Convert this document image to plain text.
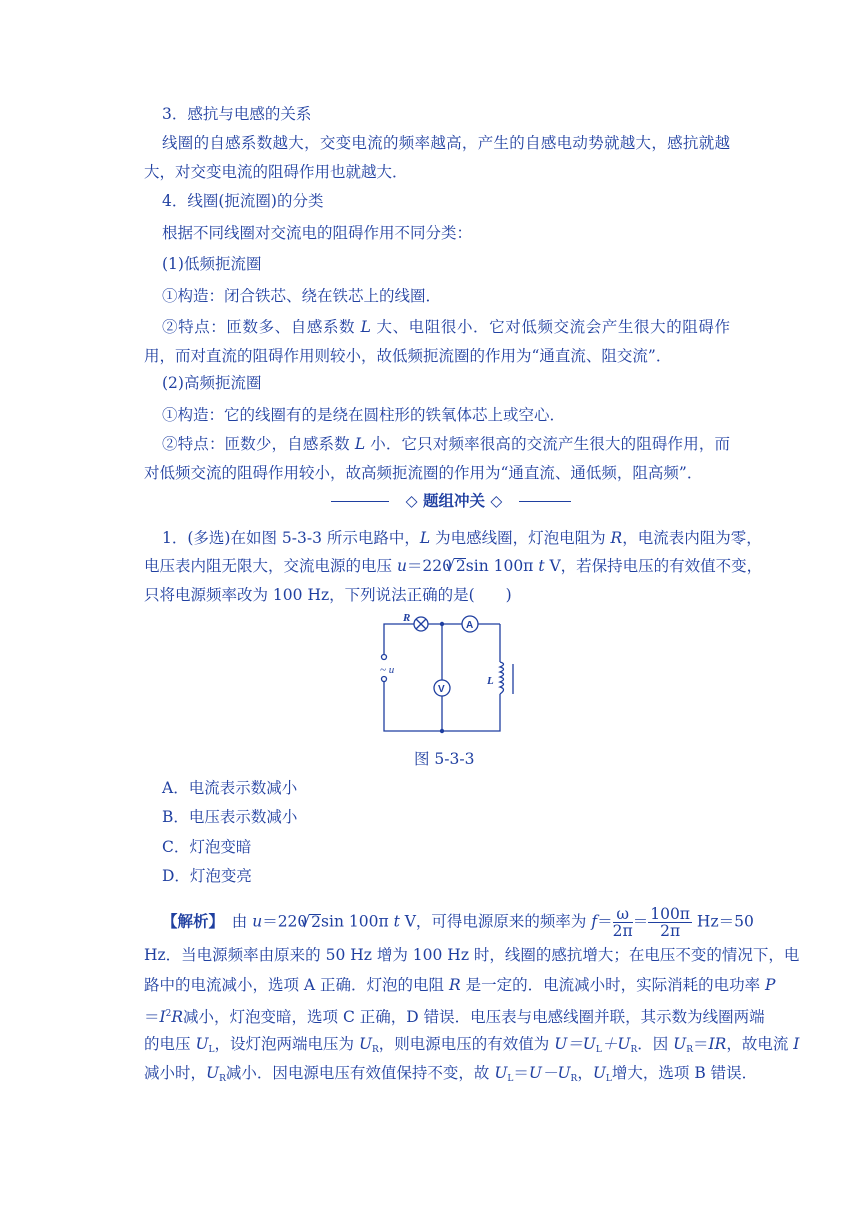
3．感抗与电感的关系
线圈的自感系数越大，交变电流的频率越高，产生的自感电动势就越大，感抗就越大，对交变电流的阻碍作用也就越大．
4．线圈(扼流圈)的分类
根据不同线圈对交流电的阻碍作用不同分类：
(1)低频扼流圈
①构造：闭合铁芯、绕在铁芯上的线圈．
②特点：匝数多、自感系数 L 大、电阻很小．它对低频交流会产生很大的阻碍作用，而对直流的阻碍作用则较小，故低频扼流圈的作用为“通直流、阻交流”．
(2)高频扼流圈
①构造：它的线圈有的是绕在圆柱形的铁氧体芯上或空心．
②特点：匝数少，自感系数 L 小．它只对频率很高的交流产生很大的阻碍作用，而对低频交流的阻碍作用较小，故高频扼流圈的作用为“通直流、通低频，阻高频”．
◇ 题组冲关 ◇
1．(多选)在如图 5-3-3 所示电路中，L 为电感线圈，灯泡电阻为 R，电流表内阻为零，
电压表内阻无限大，交流电源的电压 u＝220 √ 2sin 100π t V，若保持电压的有效值不变，
只将电源频率改为 100 Hz，下列说法正确的是(　　)
R
A
V
~ u
L
图 5-3-3
A．电流表示数减小
B．电压表示数减小
C．灯泡变暗
D．灯泡变亮
【解析】　由 u＝220 √ 2sin 100π t V，可得电源原来的频率为 $f= \frac{\omega}{2\pi} = \frac{100\pi}{2\pi} Hz=50$
Hz．当电源频率由原来的 50 Hz 增为 100 Hz 时，线圈的感抗增大；在电压不变的情况下，电
路中的电流减小，选项 A 正确．灯泡的电阻 R 是一定的．电流减小时，实际消耗的电功率 P
$=I^2R$减小，灯泡变暗，选项 C 正确，D 错误．电压表与电感线圈并联，其示数为线圈两端
的电压 $U_L$，设灯泡两端电压为 $U_R$，则电源电压的有效值为 $U=U_L+U_R$．因 $U_R=IR$，故电流 I
减小时，$U_R$减小．因电源电压有效值保持不变，故 $U_L=U-U_R$，$U_L$增大，选项 B 错误．
